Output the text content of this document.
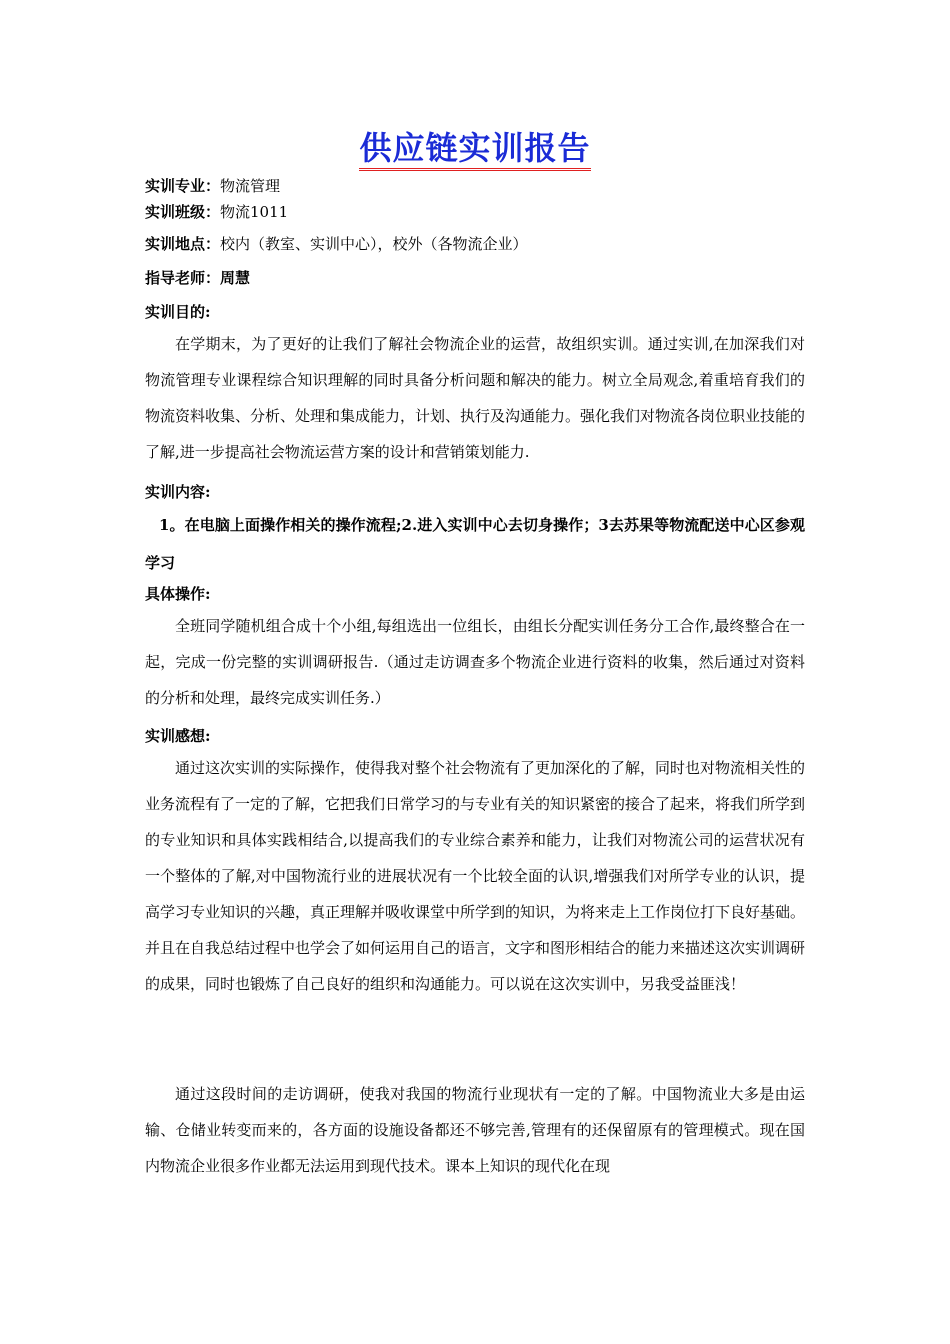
供应链实训报告
实训专业：物流管理
实训班级：物流1011
实训地点：校内（教室、实训中心），校外（各物流企业）
指导老师：周慧
实训目的:
在学期末，为了更好的让我们了解社会物流企业的运营，故组织实训。通过实训,在加深我们对物流管理专业课程综合知识理解的同时具备分析问题和解决的能力。树立全局观念,着重培育我们的物流资料收集、分析、处理和集成能力，计划、执行及沟通能力。强化我们对物流各岗位职业技能的了解,进一步提高社会物流运营方案的设计和营销策划能力.
实训内容:
1。在电脑上面操作相关的操作流程;2.进入实训中心去切身操作；3去苏果等物流配送中心区参观学习
具体操作:
全班同学随机组合成十个小组,每组选出一位组长，由组长分配实训任务分工合作,最终整合在一起，完成一份完整的实训调研报告.（通过走访调查多个物流企业进行资料的收集，然后通过对资料的分析和处理，最终完成实训任务.）
实训感想:
通过这次实训的实际操作，使得我对整个社会物流有了更加深化的了解，同时也对物流相关性的业务流程有了一定的了解，它把我们日常学习的与专业有关的知识紧密的接合了起来，将我们所学到的专业知识和具体实践相结合,以提高我们的专业综合素养和能力，让我们对物流公司的运营状况有一个整体的了解,对中国物流行业的进展状况有一个比较全面的认识,增强我们对所学专业的认识，提高学习专业知识的兴趣，真正理解并吸收课堂中所学到的知识，为将来走上工作岗位打下良好基础。并且在自我总结过程中也学会了如何运用自己的语言，文字和图形相结合的能力来描述这次实训调研的成果，同时也锻炼了自己良好的组织和沟通能力。可以说在这次实训中，另我受益匪浅！
通过这段时间的走访调研，使我对我国的物流行业现状有一定的了解。中国物流业大多是由运输、仓储业转变而来的，各方面的设施设备都还不够完善,管理有的还保留原有的管理模式。现在国内物流企业很多作业都无法运用到现代技术。课本上知识的现代化在现
